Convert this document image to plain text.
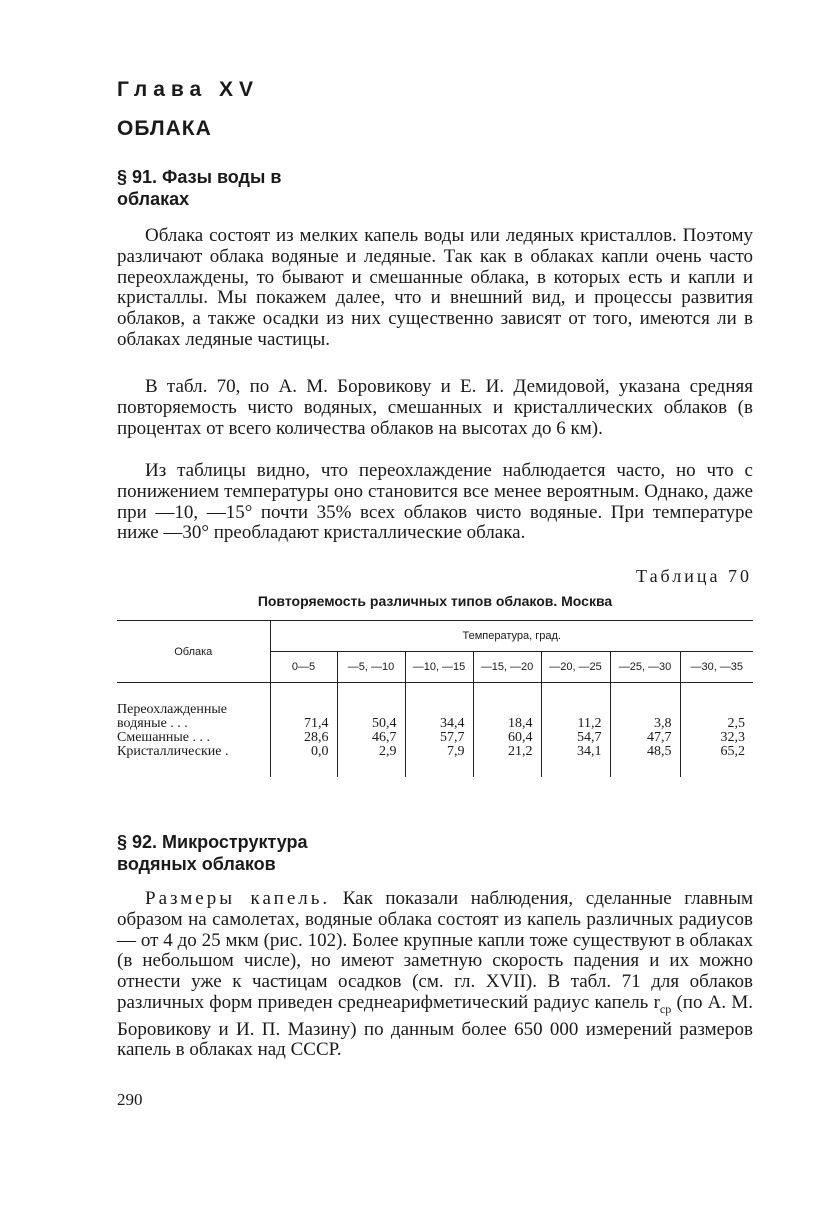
Глава XV
ОБЛАКА
§ 91. Фазы воды в облаках
Облака состоят из мелких капель воды или ледяных кристаллов. Поэтому различают облака водяные и ледяные. Так как в облаках капли очень часто переохлаждены, то бывают и смешанные облака, в которых есть и капли и кристаллы. Мы покажем далее, что и внешний вид, и процессы развития облаков, а также осадки из них существенно зависят от того, имеются ли в облаках ледяные частицы.
В табл. 70, по А. М. Боровикову и Е. И. Демидовой, указана средняя повторяемость чисто водяных, смешанных и кристаллических облаков (в процентах от всего количества облаков на высотах до 6 км).
Из таблицы видно, что переохлаждение наблюдается часто, но что с понижением температуры оно становится все менее вероятным. Однако, даже при —10, —15° почти 35% всех облаков чисто водяные. При температуре ниже —30° преобладают кристаллические облака.
Таблица 70
Повторяемость различных типов облаков. Москва
Облака	Температура, град.						
	0—5	—5, —10	—10, —15	—15, —20	—20, —25	—25, —30	—30, —35

Переохлажденные
водяные . . .	71,4	50,4	34,4	18,4	11,2	3,8	2,5
Смешанные . . .	28,6	46,7	57,7	60,4	54,7	47,7	32,3
Кристаллические .	0,0	2,9	7,9	21,2	34,1	48,5	65,2

§ 92. Микроструктура водяных облаков
Размеры капель. Как показали наблюдения, сделанные главным образом на самолетах, водяные облака состоят из капель различных радиусов — от 4 до 25 мкм (рис. 102). Более крупные капли тоже существуют в облаках (в небольшом числе), но имеют заметную скорость падения и их можно отнести уже к частицам осадков (см. гл. XVII). В табл. 71 для облаков различных форм приведен среднеарифметический радиус капель $r_{ср}$ (по А. М. Боровикову и И. П. Мазину) по данным более 650 000 измерений размеров капель в облаках над СССР.
290
